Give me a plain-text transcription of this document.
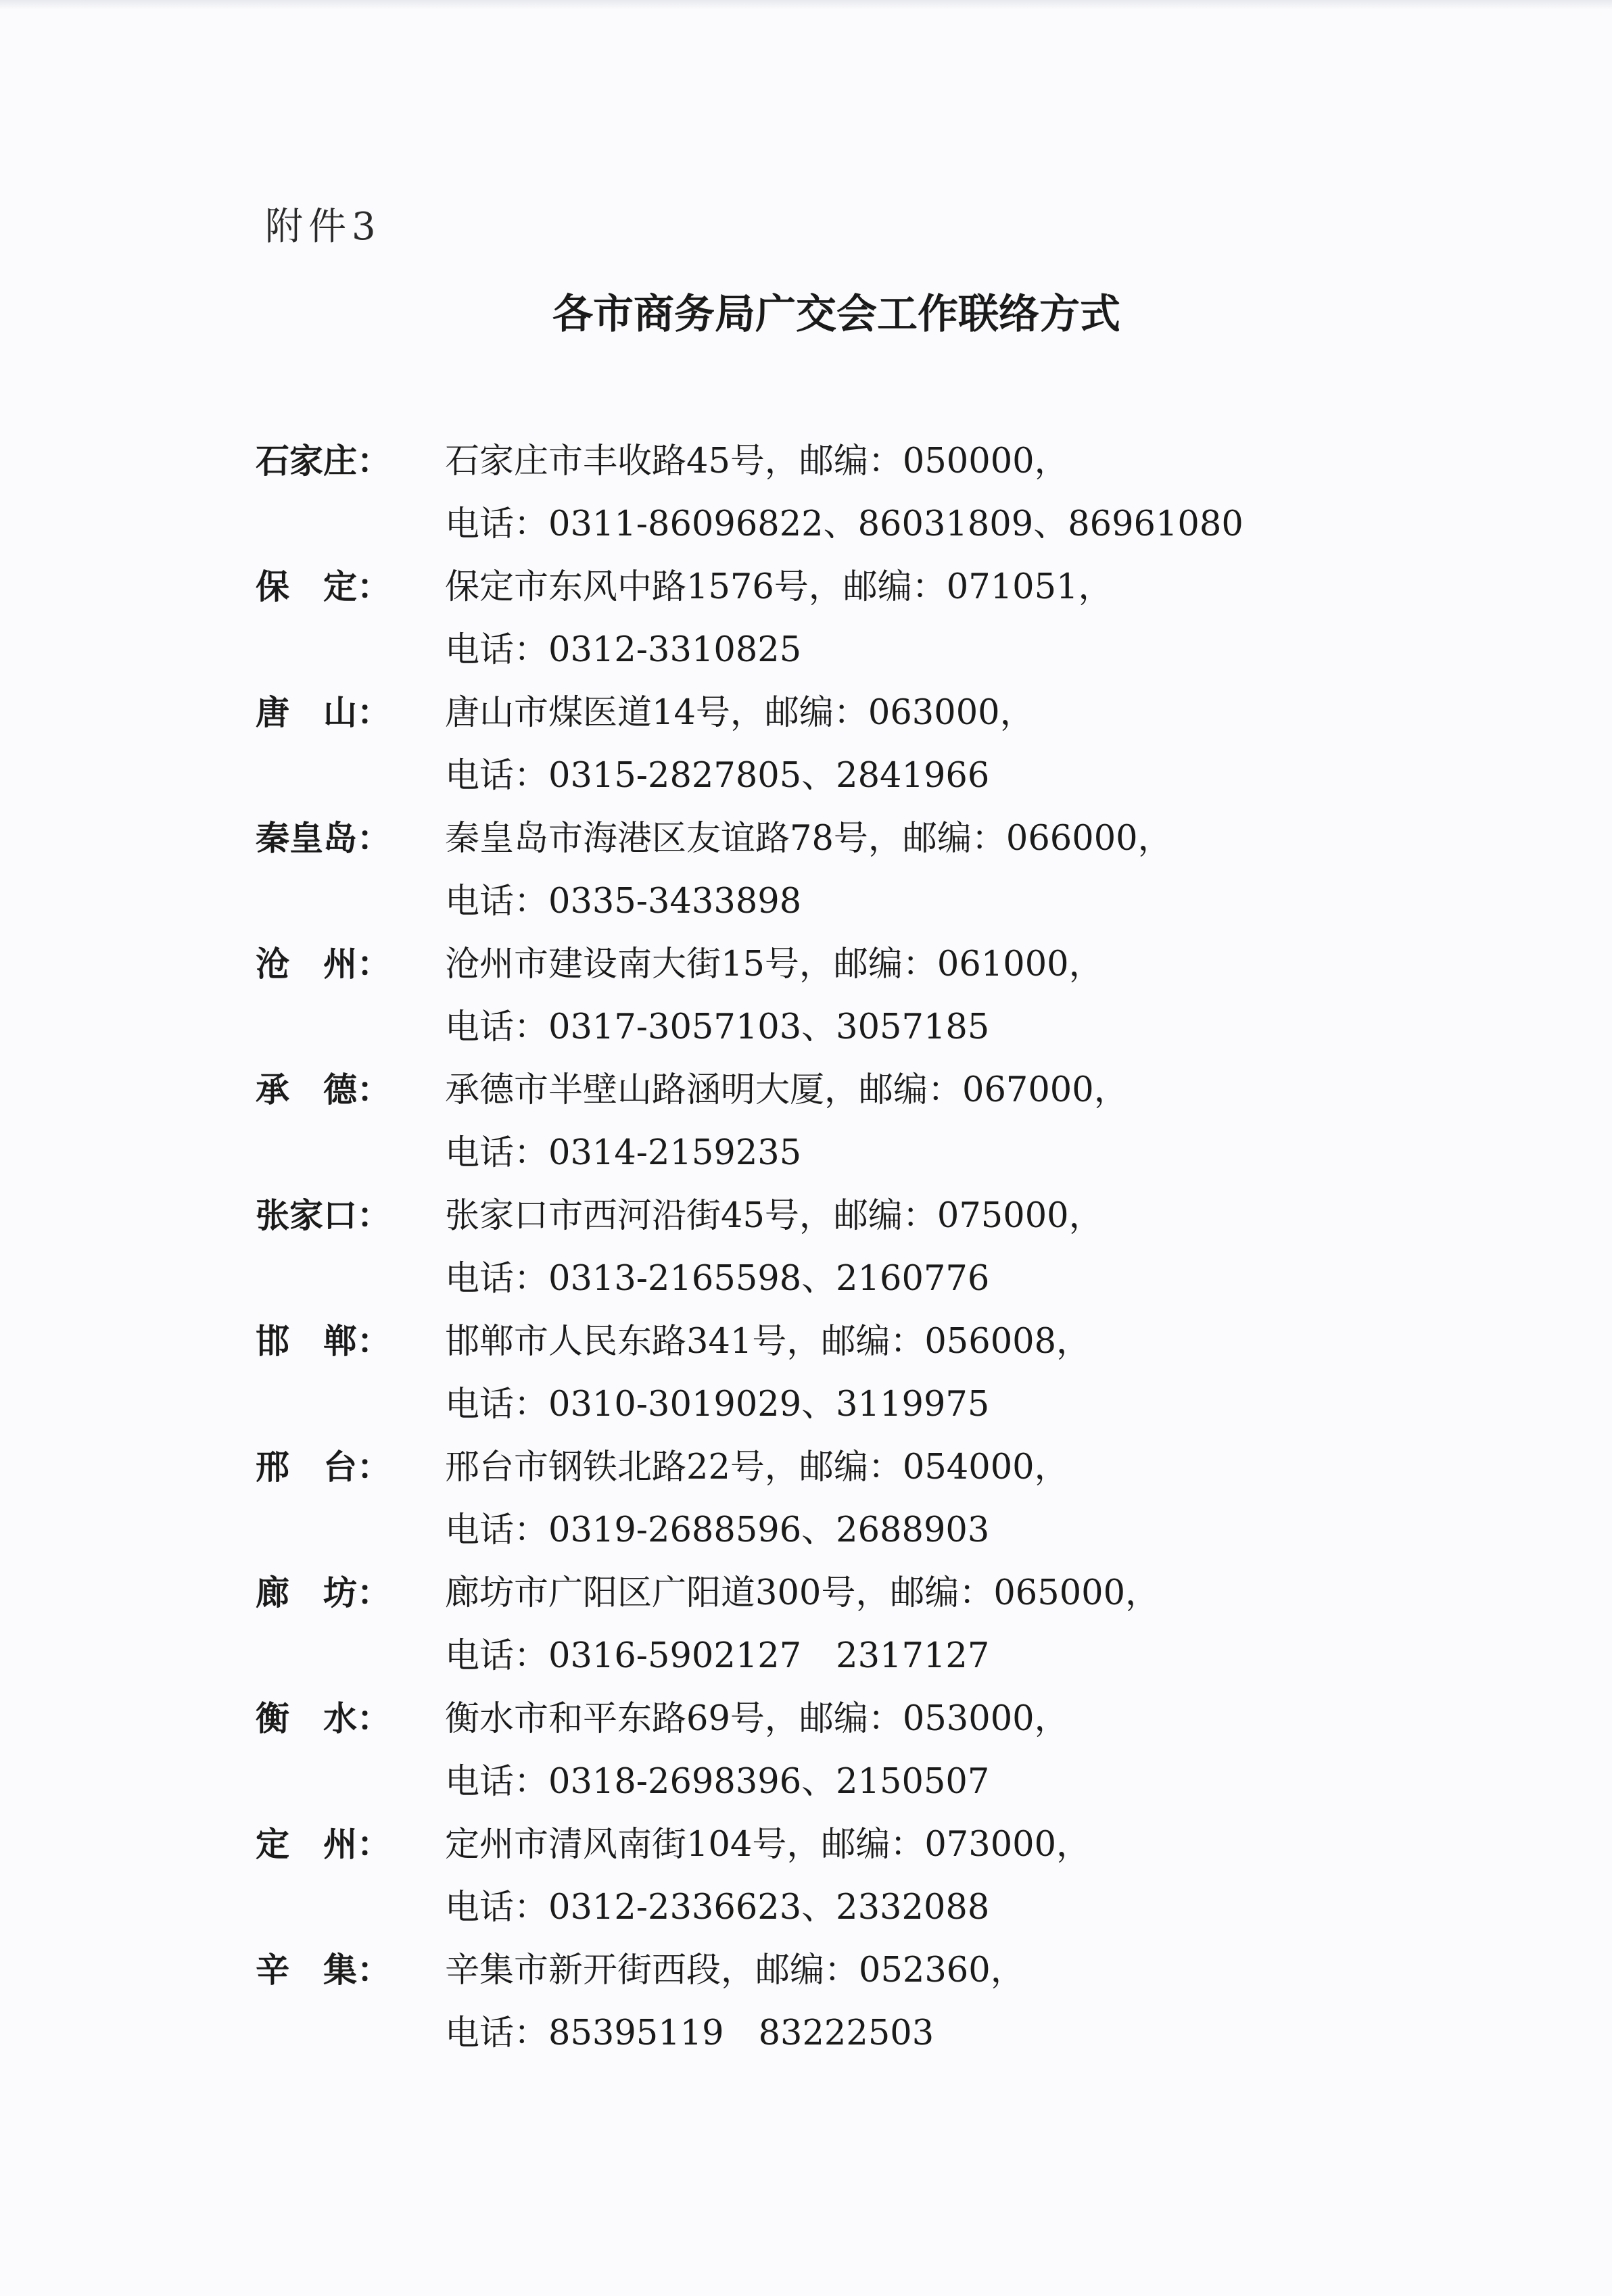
附件3
各市商务局广交会工作联络方式
石家庄：	石家庄市丰收路45号，邮编：050000，
电话：0311-86096822、86031809、86961080
保　定：	保定市东风中路1576号，邮编：071051，
电话：0312-3310825
唐　山：	唐山市煤医道14号，邮编：063000，
电话：0315-2827805、2841966
秦皇岛：	秦皇岛市海港区友谊路78号，邮编：066000，
电话：0335-3433898
沧　州：	沧州市建设南大街15号，邮编：061000，
电话：0317-3057103、3057185
承　德：	承德市半壁山路涵明大厦，邮编：067000，
电话：0314-2159235
张家口：	张家口市西河沿街45号，邮编：075000，
电话：0313-2165598、2160776
邯　郸：	邯郸市人民东路341号，邮编：056008，
电话：0310-3019029、3119975
邢　台：	邢台市钢铁北路22号，邮编：054000，
电话：0319-2688596、2688903
廊　坊：	廊坊市广阳区广阳道300号，邮编：065000，
电话：0316-5902127　2317127
衡　水：	衡水市和平东路69号，邮编：053000，
电话：0318-2698396、2150507
定　州：	定州市清风南街104号，邮编：073000，
电话：0312-2336623、2332088
辛　集：	辛集市新开街西段，邮编：052360，
电话：85395119　83222503
